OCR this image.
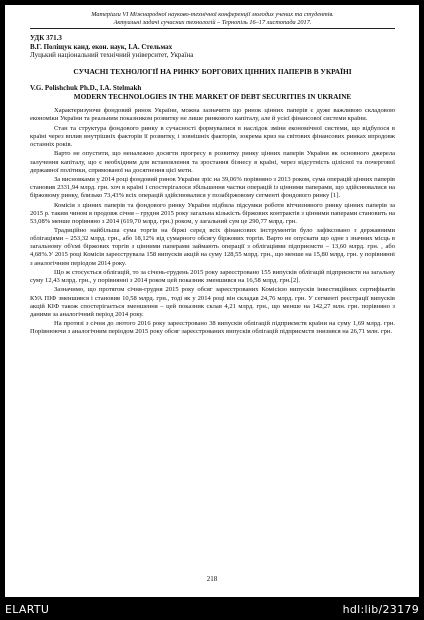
Матеріали VI Міжнародної науково-технічної конференції молодих учених та студентів.

Актуальні задачі сучасних технологій – Тернопіль 16–17 листопада 2017.

УДК 371.3

В.Г. Поліщук канд. екон. наук, І.А. Стельмах

Луцький національний технічний університет, Україна

СУЧАСНІ ТЕХНОЛОГІЇ НА РИНКУ БОРГОВИХ ЦІННИХ ПАПЕРІВ В УКРАЇНІ

V.G. Polishchuk Ph.D., I.A. Stelmakh

MODERN TECHNOLOGIES IN THE MARKET OF DEBT SECURITIES IN UKRAINE

Характеризуючи фондовий ринок України, можна зазначити що ринок цінних паперів є дуже важливою складовою економіки України та реальним показником розвитку не лише ринкового капіталу, але й усієї фінансової системи країни.

Стан та структура фондового ринку в сучасності формувалися в наслідок зміни економічної системи, що відбулося в країні через вплив внутрішніх факторів її розвитку, і зовнішніх факторів, зокрема криз на світових фінансових ринках впродовж останніх років.

Варто не опустити, що неналежно досягти прогресу в розвитку ринку цінних паперів України як основного джерела залучення капіталу, що є необхідним для встановлення та зростання бізнесу в країні, через відсутність цілісної та почергової державної політики, спрямованої на досягнення цієї мети.

За висновками у 2014 році фондовий ринок України зріс на 39,06% порівняно з 2013 роком, сума операцій цінних паперів становив 2331,94 млрд. грн. хоч в країні і спостерігалося збільшення частки операцій із цінними паперами, що здійснювалися на біржовому ринку, близько 73,43% всіх операцій здійснювалися у позабіржовому сегменті фондового ринку [1].

Комісія з цінних паперів та фондового ринку України підбила підсумки роботи вітчизняного ринку цінних паперів за 2015 р. таким чином в продовж січня – грудня 2015 року загальна кількість біржових контрактів з цінними паперами становить на 53,08% менше порівняно з 2014 (619,70 млрд. грн.) роком, у загальний сум це 290,77 млрд. грн.

Традиційно найбільша сума торгів на біржі серед всіх фінансових інструментів було зафіксовано з державними облігаціями – 253,32 млрд. грн., або 18,12% від сумарного обсягу біржових торгів. Варто не опускати що одне з значних місць в загальному об'ємі біржових торгів з цінними паперами займають операції з облігаціями підприємств – 13,60 млрд. грн. , або 4,68%.У 2015 році Комісія зареєструвала 158 випусків акцій на суму 128,55 млрд. грн., що менше на 15,80 млрд. грн. у порівнянні з аналогічним періодом 2014 року.

Що ж стосується облігацій, то за січень-грудень 2015 року зареєстровано 155 випусків облігацій підприємств на загальну суму 12,43 млрд. грн., у порівнянні з 2014 роком цей показник зменшився на 16,58 млрд. грн.[2].

Зазначимо, що протягом січня-грудня 2015 року обсяг зареєстрованих Комісією випусків інвестиційних сертифікатів КУА ПІФ зменшився і становив 10,58 млрд. грн., тоді як у 2014 році він складав 24,76 млрд. грн. У сегменті реєстрації випусків акцій КІФ також спостерігається зменшення – цей показник склав 4,21 млрд. грн., що менше на 142,27 млн. грн. порівняно з даними за аналогічний період 2014 року.

На протязі з січня до лютого 2016 року зареєстровано 38 випусків облігацій підприємств країни на суму 1,69 млрд. грн. Порівнюючи з аналогічним періодом 2015 року обсяг зареєстрованих випусків облігацій підприємств знизився на 26,71 млн. грн.

218
ELARTU	hdl:lib/23179
